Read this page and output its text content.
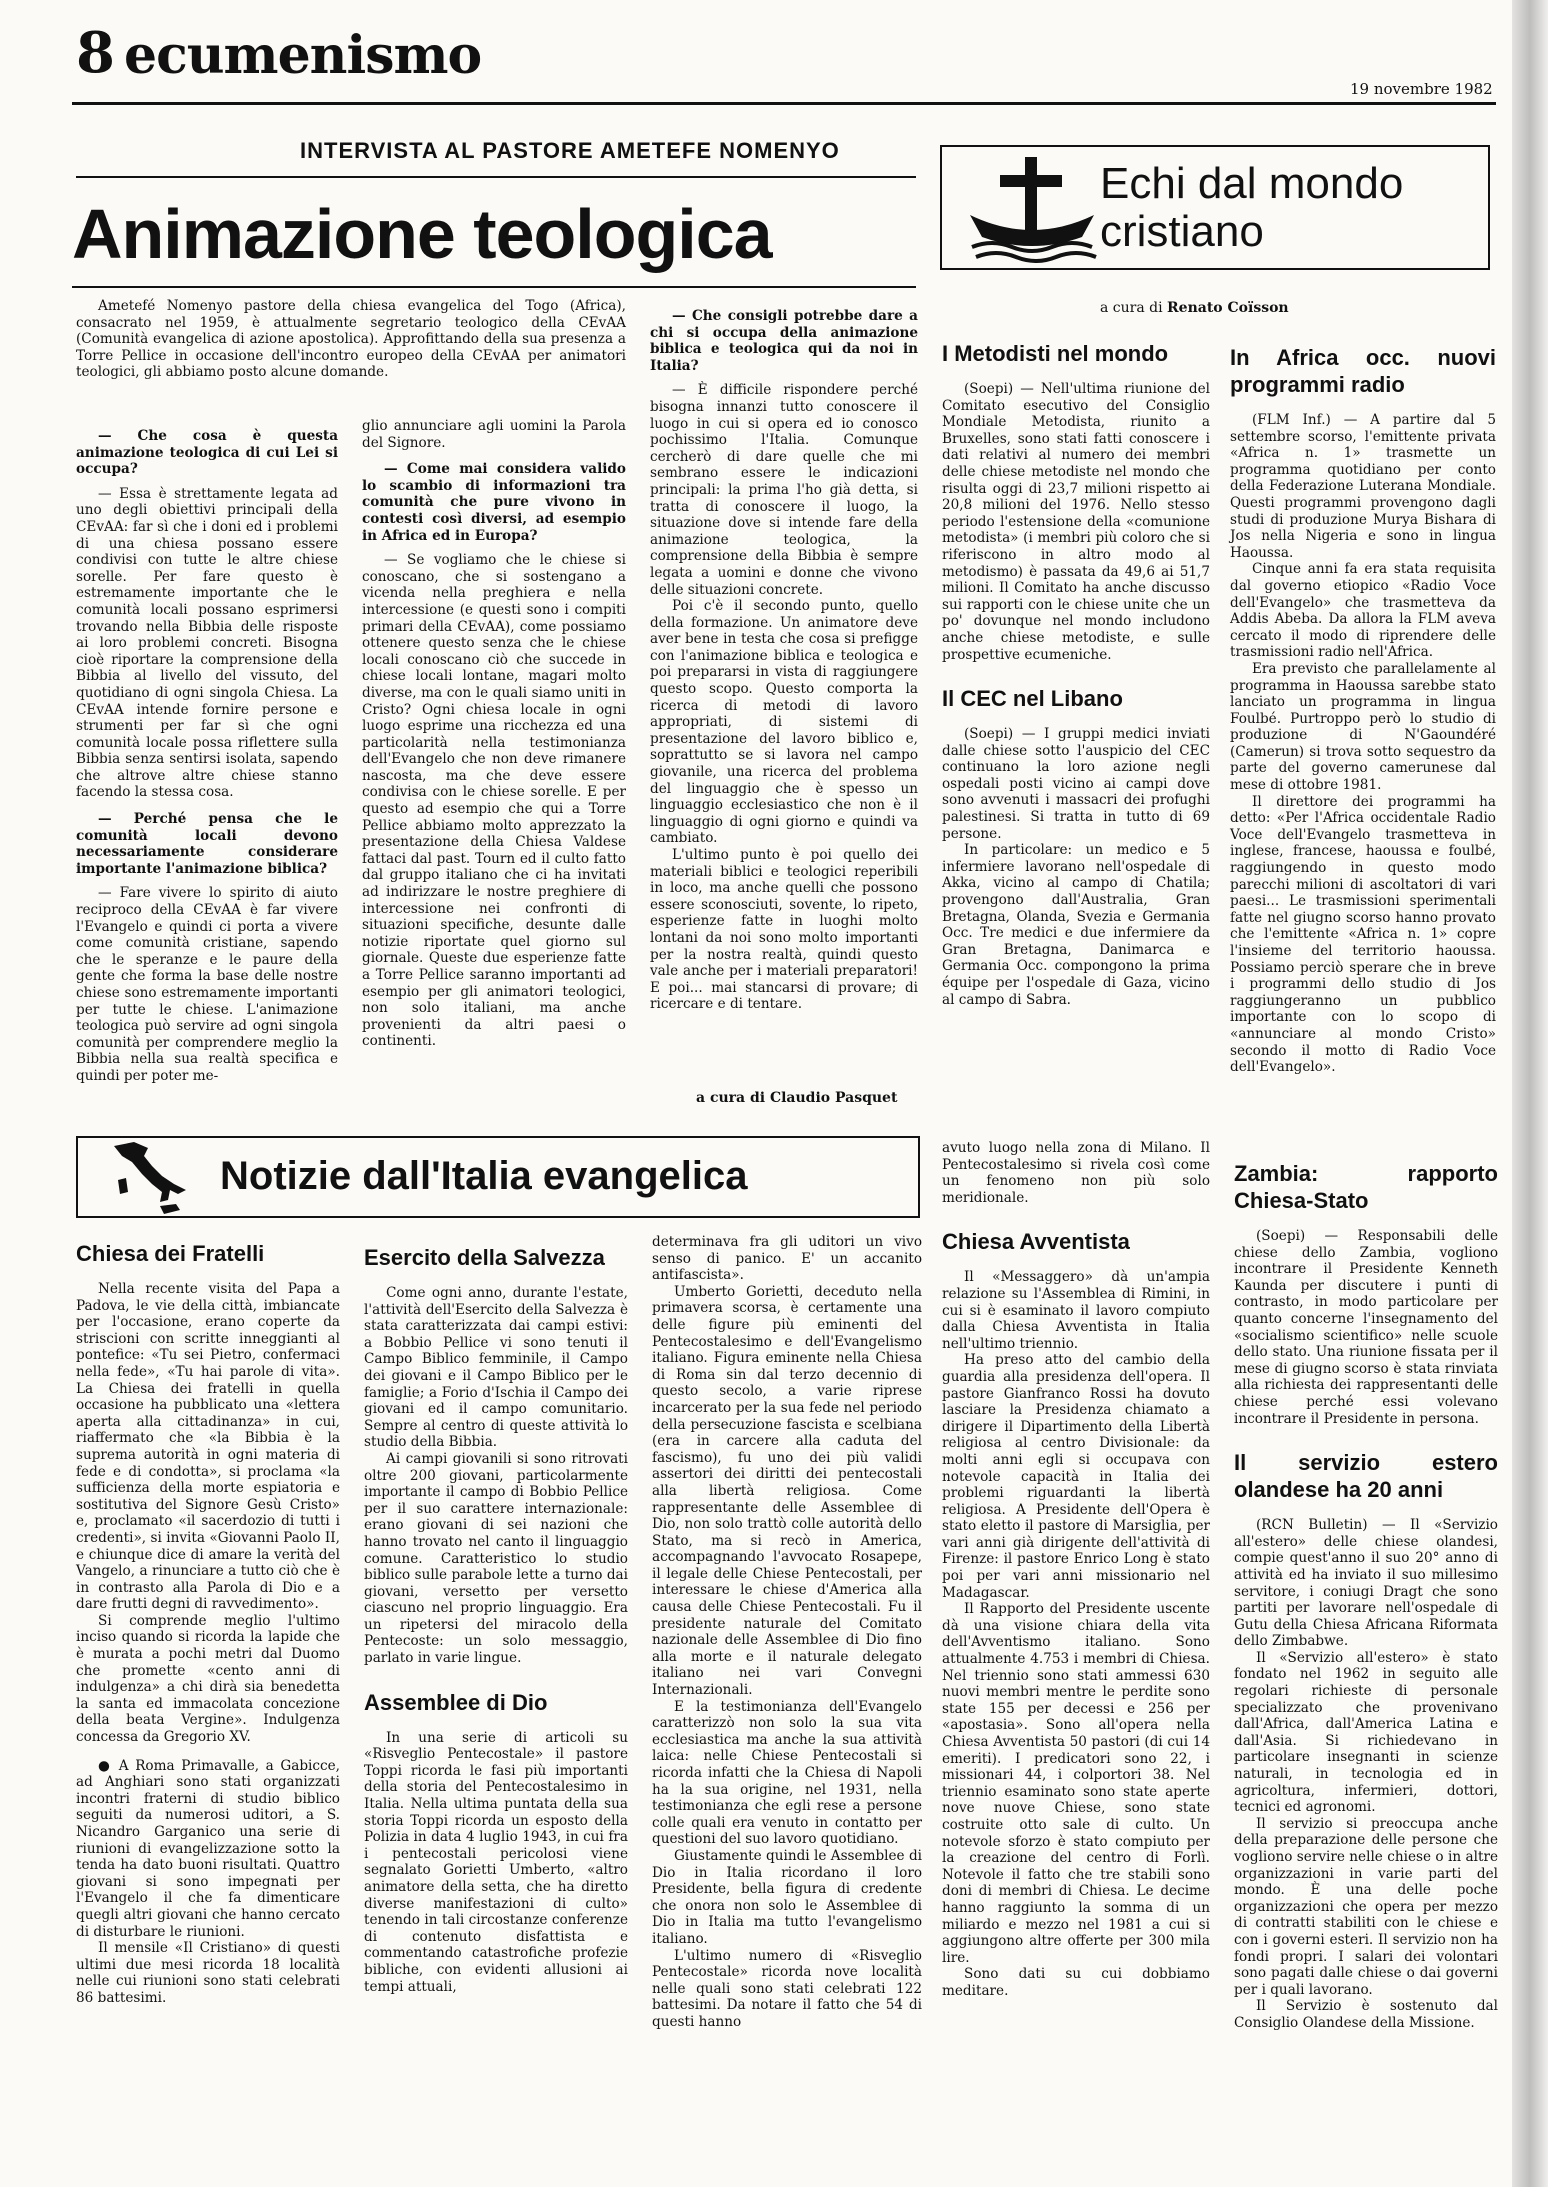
8 ecumenismo
19 novembre 1982
INTERVISTA AL PASTORE AMETEFE NOMENYO
Animazione teologica

Ametefé Nomenyo pastore della chiesa evangelica del Togo (Africa), consacrato nel 1959, è attualmente segretario teologico della CEvAA (Comunità evangelica di azione apostolica). Approfittando della sua presenza a Torre Pellice in occasione dell'incontro europeo della CEvAA per animatori teologici, gli abbiamo posto alcune domande.

— Che cosa è questa animazione teologica di cui Lei si occupa?

— Essa è strettamente legata ad uno degli obiettivi principali della CEvAA: far sì che i doni ed i problemi di una chiesa possano essere condivisi con tutte le altre chiese sorelle. Per fare questo è estremamente importante che le comunità locali possano esprimersi trovando nella Bibbia delle risposte ai loro problemi concreti. Bisogna cioè riportare la comprensione della Bibbia al livello del vissuto, del quotidiano di ogni singola Chiesa. La CEvAA intende fornire persone e strumenti per far sì che ogni comunità locale possa riflettere sulla Bibbia senza sentirsi isolata, sapendo che altrove altre chiese stanno facendo la stessa cosa.

— Perché pensa che le comunità locali devono necessariamente considerare importante l'animazione biblica?

— Fare vivere lo spirito di aiuto reciproco della CEvAA è far vivere l'Evangelo e quindi ci porta a vivere come comunità cristiane, sapendo che le speranze e le paure della gente che forma la base delle nostre chiese sono estremamente importanti per tutte le chiese. L'animazione teologica può servire ad ogni singola comunità per comprendere meglio la Bibbia nella sua realtà specifica e quindi per poter me-

glio annunciare agli uomini la Parola del Signore.

— Come mai considera valido lo scambio di informazioni tra comunità che pure vivono in contesti così diversi, ad esempio in Africa ed in Europa?

— Se vogliamo che le chiese si conoscano, che si sostengano a vicenda nella preghiera e nella intercessione (e questi sono i compiti primari della CEvAA), come possiamo ottenere questo senza che le chiese locali conoscano ciò che succede in chiese locali lontane, magari molto diverse, ma con le quali siamo uniti in Cristo? Ogni chiesa locale in ogni luogo esprime una ricchezza ed una particolarità nella testimonianza dell'Evangelo che non deve rimanere nascosta, ma che deve essere condivisa con le chiese sorelle. E per questo ad esempio che qui a Torre Pellice abbiamo molto apprezzato la presentazione della Chiesa Valdese fattaci dal past. Tourn ed il culto fatto dal gruppo italiano che ci ha invitati ad indirizzare le nostre preghiere di intercessione nei confronti di situazioni specifiche, desunte dalle notizie riportate quel giorno sul giornale. Queste due esperienze fatte a Torre Pellice saranno importanti ad esempio per gli animatori teologici, non solo italiani, ma anche provenienti da altri paesi o continenti.

— Che consigli potrebbe dare a chi si occupa della animazione biblica e teologica qui da noi in Italia?

— È difficile rispondere perché bisogna innanzi tutto conoscere il luogo in cui si opera ed io conosco pochissimo l'Italia. Comunque cercherò di dare quelle che mi sembrano essere le indicazioni principali: la prima l'ho già detta, si tratta di conoscere il luogo, la situazione dove si intende fare della animazione teologica, la comprensione della Bibbia è sempre legata a uomini e donne che vivono delle situazioni concrete.

Poi c'è il secondo punto, quello della formazione. Un animatore deve aver bene in testa che cosa si prefigge con l'animazione biblica e teologica e poi prepararsi in vista di raggiungere questo scopo. Questo comporta la ricerca di metodi di lavoro appropriati, di sistemi di presentazione del lavoro biblico e, soprattutto se si lavora nel campo giovanile, una ricerca del problema del linguaggio che è spesso un linguaggio ecclesiastico che non è il linguaggio di ogni giorno e quindi va cambiato.

L'ultimo punto è poi quello dei materiali biblici e teologici reperibili in loco, ma anche quelli che possono essere sconosciuti, sovente, lo ripeto, esperienze fatte in luoghi molto lontani da noi sono molto importanti per la nostra realtà, quindi questo vale anche per i materiali preparatori! E poi... mai stancarsi di provare; di ricercare e di tentare.

Echi dal mondo
cristiano
a cura di Renato Coïsson
I Metodisti nel mondo

(Soepi) — Nell'ultima riunione del Comitato esecutivo del Consiglio Mondiale Metodista, riunito a Bruxelles, sono stati fatti conoscere i dati relativi al numero dei membri delle chiese metodiste nel mondo che risulta oggi di 23,7 milioni rispetto ai 20,8 milioni del 1976. Nello stesso periodo l'estensione della «comunione metodista» (i membri più coloro che si riferiscono in altro modo al metodismo) è passata da 49,6 ai 51,7 milioni. Il Comitato ha anche discusso sui rapporti con le chiese unite che un po' dovunque nel mondo includono anche chiese metodiste, e sulle prospettive ecumeniche.

Il CEC nel Libano

(Soepi) — I gruppi medici inviati dalle chiese sotto l'auspicio del CEC continuano la loro azione negli ospedali posti vicino ai campi dove sono avvenuti i massacri dei profughi palestinesi. Si tratta in tutto di 69 persone.

In particolare: un medico e 5 infermiere lavorano nell'ospedale di Akka, vicino al campo di Chatila; provengono dall'Australia, Gran Bretagna, Olanda, Svezia e Germania Occ. Tre medici e due infermiere da Gran Bretagna, Danimarca e Germania Occ. compongono la prima équipe per l'ospedale di Gaza, vicino al campo di Sabra.

In Africa occ. nuovi programmi radio

(FLM Inf.) — A partire dal 5 settembre scorso, l'emittente privata «Africa n. 1» trasmette un programma quotidiano per conto della Federazione Luterana Mondiale. Questi programmi provengono dagli studi di produzione Murya Bishara di Jos nella Nigeria e sono in lingua Haoussa.

Cinque anni fa era stata requisita dal governo etiopico «Radio Voce dell'Evangelo» che trasmetteva da Addis Abeba. Da allora la FLM aveva cercato il modo di riprendere delle trasmissioni radio nell'Africa.

Era previsto che parallelamente al programma in Haoussa sarebbe stato lanciato un programma in lingua Foulbé. Purtroppo però lo studio di produzione di N'Gaoundéré (Camerun) si trova sotto sequestro da parte del governo camerunese dal mese di ottobre 1981.

Il direttore dei programmi ha detto: «Per l'Africa occidentale Radio Voce dell'Evangelo trasmetteva in inglese, francese, haoussa e foulbé, raggiungendo in questo modo parecchi milioni di ascoltatori di vari paesi... Le trasmissioni sperimentali fatte nel giugno scorso hanno provato che l'emittente «Africa n. 1» copre l'insieme del territorio haoussa. Possiamo perciò sperare che in breve i programmi dello studio di Jos raggiungeranno un pubblico importante con lo scopo di «annunciare al mondo Cristo» secondo il motto di Radio Voce dell'Evangelo».

Notizie dall'Italia evangelica
Chiesa dei Fratelli

Nella recente visita del Papa a Padova, le vie della città, imbiancate per l'occasione, erano coperte da striscioni con scritte inneggianti al pontefice: «Tu sei Pietro, confermaci nella fede», «Tu hai parole di vita». La Chiesa dei fratelli in quella occasione ha pubblicato una «lettera aperta alla cittadinanza» in cui, riaffermato che «la Bibbia è la suprema autorità in ogni materia di fede e di condotta», si proclama «la sufficienza della morte espiatoria e sostitutiva del Signore Gesù Cristo» e, proclamato «il sacerdozio di tutti i credenti», si invita «Giovanni Paolo II, e chiunque dice di amare la verità del Vangelo, a rinunciare a tutto ciò che è in contrasto alla Parola di Dio e a dare frutti degni di ravvedimento».

Si comprende meglio l'ultimo inciso quando si ricorda la lapide che è murata a pochi metri dal Duomo che promette «cento anni di indulgenza» a chi dirà sia benedetta la santa ed immacolata concezione della beata Vergine». Indulgenza concessa da Gregorio XV.

● A Roma Primavalle, a Gabicce, ad Anghiari sono stati organizzati incontri fraterni di studio biblico seguiti da numerosi uditori, a S. Nicandro Garganico una serie di riunioni di evangelizzazione sotto la tenda ha dato buoni risultati. Quattro giovani si sono impegnati per l'Evangelo il che fa dimenticare quegli altri giovani che hanno cercato di disturbare le riunioni.

Il mensile «Il Cristiano» di questi ultimi due mesi ricorda 18 località nelle cui riunioni sono stati celebrati 86 battesimi.

Esercito della Salvezza

Come ogni anno, durante l'estate, l'attività dell'Esercito della Salvezza è stata caratterizzata dai campi estivi: a Bobbio Pellice vi sono tenuti il Campo Biblico femminile, il Campo dei giovani e il Campo Biblico per le famiglie; a Forio d'Ischia il Campo dei giovani ed il campo comunitario. Sempre al centro di queste attività lo studio della Bibbia.

Ai campi giovanili si sono ritrovati oltre 200 giovani, particolarmente importante il campo di Bobbio Pellice per il suo carattere internazionale: erano giovani di sei nazioni che hanno trovato nel canto il linguaggio comune. Caratteristico lo studio biblico sulle parabole lette a turno dai giovani, versetto per versetto ciascuno nel proprio linguaggio. Era un ripetersi del miracolo della Pentecoste: un solo messaggio, parlato in varie lingue.

Assemblee di Dio

In una serie di articoli su «Risveglio Pentecostale» il pastore Toppi ricorda le fasi più importanti della storia del Pentecostalesimo in Italia. Nella ultima puntata della sua storia Toppi ricorda un esposto della Polizia in data 4 luglio 1943, in cui fra i pentecostali pericolosi viene segnalato Gorietti Umberto, «altro animatore della setta, che ha diretto diverse manifestazioni di culto» tenendo in tali circostanze conferenze di contenuto disfattista e commentando catastrofiche profezie bibliche, con evidenti allusioni ai tempi attuali,

determinava fra gli uditori un vivo senso di panico. E' un accanito antifascista».

Umberto Gorietti, deceduto nella primavera scorsa, è certamente una delle figure più eminenti del Pentecostalesimo e dell'Evangelismo italiano. Figura eminente nella Chiesa di Roma sin dal terzo decennio di questo secolo, a varie riprese incarcerato per la sua fede nel periodo della persecuzione fascista e scelbiana (era in carcere alla caduta del fascismo), fu uno dei più validi assertori dei diritti dei pentecostali alla libertà religiosa. Come rappresentante delle Assemblee di Dio, non solo trattò colle autorità dello Stato, ma si recò in America, accompagnando l'avvocato Rosapepe, il legale delle Chiese Pentecostali, per interessare le chiese d'America alla causa delle Chiese Pentecostali. Fu il presidente naturale del Comitato nazionale delle Assemblee di Dio fino alla morte e il naturale delegato italiano nei vari Convegni Internazionali.

E la testimonianza dell'Evangelo caratterizzò non solo la sua vita ecclesiastica ma anche la sua attività laica: nelle Chiese Pentecostali si ricorda infatti che la Chiesa di Napoli ha la sua origine, nel 1931, nella testimonianza che egli rese a persone colle quali era venuto in contatto per questioni del suo lavoro quotidiano.

Giustamente quindi le Assemblee di Dio in Italia ricordano il loro Presidente, bella figura di credente che onora non solo le Assemblee di Dio in Italia ma tutto l'evangelismo italiano.

L'ultimo numero di «Risveglio Pentecostale» ricorda nove località nelle quali sono stati celebrati 122 battesimi. Da notare il fatto che 54 di questi hanno

avuto luogo nella zona di Milano. Il Pentecostalesimo si rivela così come un fenomeno non più solo meridionale.

Chiesa Avventista

Il «Messaggero» dà un'ampia relazione su l'Assemblea di Rimini, in cui si è esaminato il lavoro compiuto dalla Chiesa Avventista in Italia nell'ultimo triennio.

Ha preso atto del cambio della guardia alla presidenza dell'opera. Il pastore Gianfranco Rossi ha dovuto lasciare la Presidenza chiamato a dirigere il Dipartimento della Libertà religiosa al centro Divisionale: da molti anni egli si occupava con notevole capacità in Italia dei problemi riguardanti la libertà religiosa. A Presidente dell'Opera è stato eletto il pastore di Marsiglia, per vari anni già dirigente dell'attività di Firenze: il pastore Enrico Long è stato poi per vari anni missionario nel Madagascar.

Il Rapporto del Presidente uscente dà una visione chiara della vita dell'Avventismo italiano. Sono attualmente 4.753 i membri di Chiesa. Nel triennio sono stati ammessi 630 nuovi membri mentre le perdite sono state 155 per decessi e 256 per «apostasia». Sono all'opera nella Chiesa Avventista 50 pastori (di cui 14 emeriti). I predicatori sono 22, i missionari 44, i colportori 38. Nel triennio esaminato sono state aperte nove nuove Chiese, sono state costruite otto sale di culto. Un notevole sforzo è stato compiuto per la creazione del centro di Forlì. Notevole il fatto che tre stabili sono doni di membri di Chiesa. Le decime hanno raggiunto la somma di un miliardo e mezzo nel 1981 a cui si aggiungono altre offerte per 300 mila lire.

Sono dati su cui dobbiamo meditare.

Zambia: rapporto Chiesa-Stato

(Soepi) — Responsabili delle chiese dello Zambia, vogliono incontrare il Presidente Kenneth Kaunda per discutere i punti di contrasto, in modo particolare per quanto concerne l'insegnamento del «socialismo scientifico» nelle scuole dello stato. Una riunione fissata per il mese di giugno scorso è stata rinviata alla richiesta dei rappresentanti delle chiese perché essi volevano incontrare il Presidente in persona.

Il servizio estero olandese ha 20 anni

(RCN Bulletin) — Il «Servizio all'estero» delle chiese olandesi, compie quest'anno il suo 20° anno di attività ed ha inviato il suo millesimo servitore, i coniugi Dragt che sono partiti per lavorare nell'ospedale di Gutu della Chiesa Africana Riformata dello Zimbabwe.

Il «Servizio all'estero» è stato fondato nel 1962 in seguito alle regolari richieste di personale specializzato che provenivano dall'Africa, dall'America Latina e dall'Asia. Si richiedevano in particolare insegnanti in scienze naturali, in tecnologia ed in agricoltura, infermieri, dottori, tecnici ed agronomi.

Il servizio si preoccupa anche della preparazione delle persone che vogliono servire nelle chiese o in altre organizzazioni in varie parti del mondo. È una delle poche organizzazioni che opera per mezzo di contratti stabiliti con le chiese e con i governi esteri. Il servizio non ha fondi propri. I salari dei volontari sono pagati dalle chiese o dai governi per i quali lavorano.

Il Servizio è sostenuto dal Consiglio Olandese della Missione.

a cura di Claudio Pasquet
